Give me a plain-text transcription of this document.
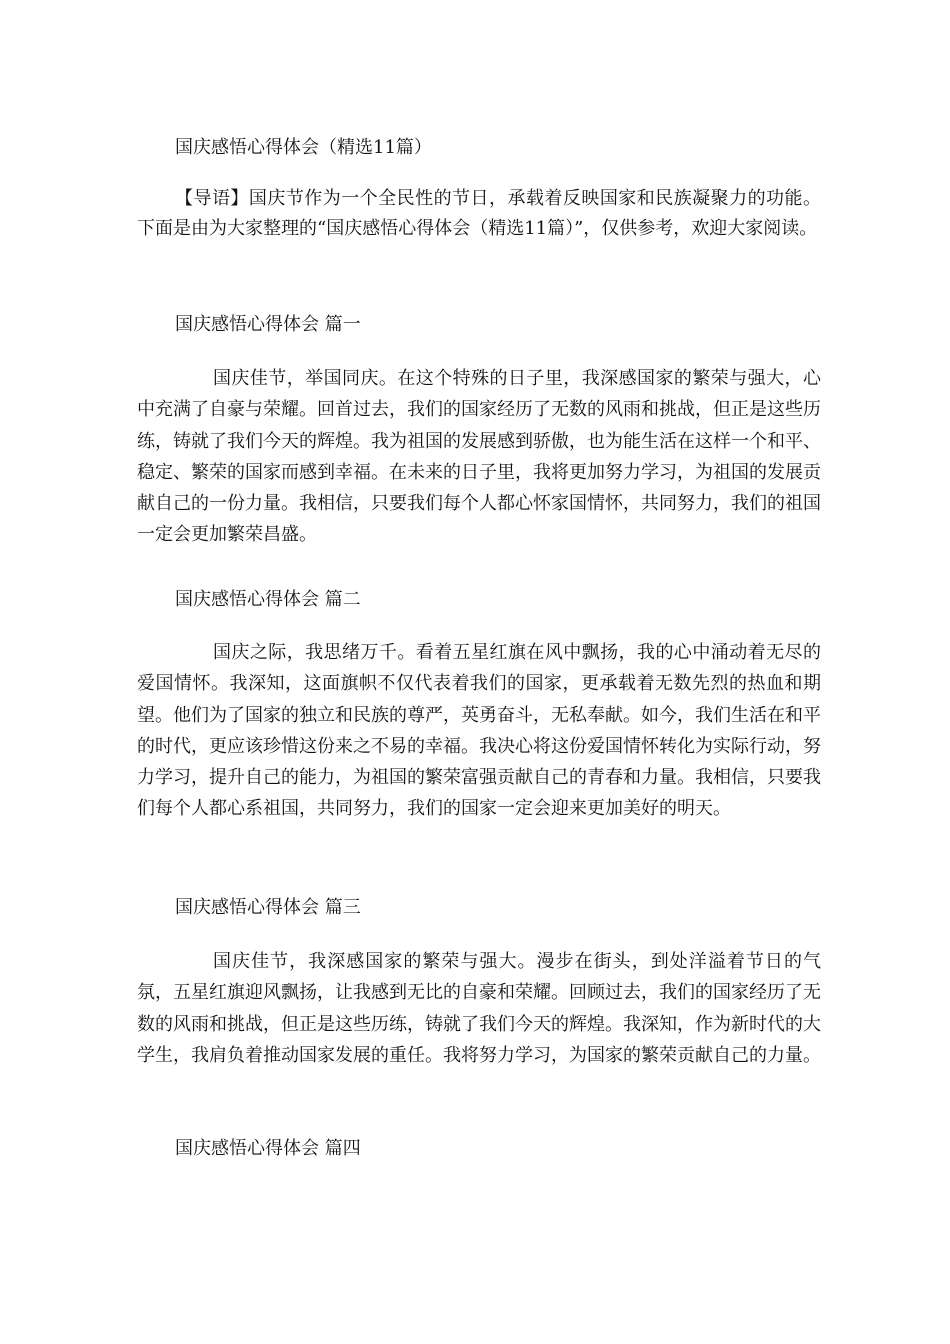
国庆感悟心得体会（精选11篇）
【导语】国庆节作为一个全民性的节日，承载着反映国家和民族凝聚力的功能。下面是由为大家整理的“国庆感悟心得体会（精选11篇）”，仅供参考，欢迎大家阅读。
国庆感悟心得体会 篇一
国庆佳节，举国同庆。在这个特殊的日子里，我深感国家的繁荣与强大，心中充满了自豪与荣耀。回首过去，我们的国家经历了无数的风雨和挑战，但正是这些历练，铸就了我们今天的辉煌。我为祖国的发展感到骄傲，也为能生活在这样一个和平、稳定、繁荣的国家而感到幸福。在未来的日子里，我将更加努力学习，为祖国的发展贡献自己的一份力量。我相信，只要我们每个人都心怀家国情怀，共同努力，我们的祖国一定会更加繁荣昌盛。
国庆感悟心得体会 篇二
国庆之际，我思绪万千。看着五星红旗在风中飘扬，我的心中涌动着无尽的爱国情怀。我深知，这面旗帜不仅代表着我们的国家，更承载着无数先烈的热血和期望。他们为了国家的独立和民族的尊严，英勇奋斗，无私奉献。如今，我们生活在和平的时代，更应该珍惜这份来之不易的幸福。我决心将这份爱国情怀转化为实际行动，努力学习，提升自己的能力，为祖国的繁荣富强贡献自己的青春和力量。我相信，只要我们每个人都心系祖国，共同努力，我们的国家一定会迎来更加美好的明天。
国庆感悟心得体会 篇三
国庆佳节，我深感国家的繁荣与强大。漫步在街头，到处洋溢着节日的气氛，五星红旗迎风飘扬，让我感到无比的自豪和荣耀。回顾过去，我们的国家经历了无数的风雨和挑战，但正是这些历练，铸就了我们今天的辉煌。我深知，作为新时代的大学生，我肩负着推动国家发展的重任。我将努力学习，为国家的繁荣贡献自己的力量。
国庆感悟心得体会 篇四
